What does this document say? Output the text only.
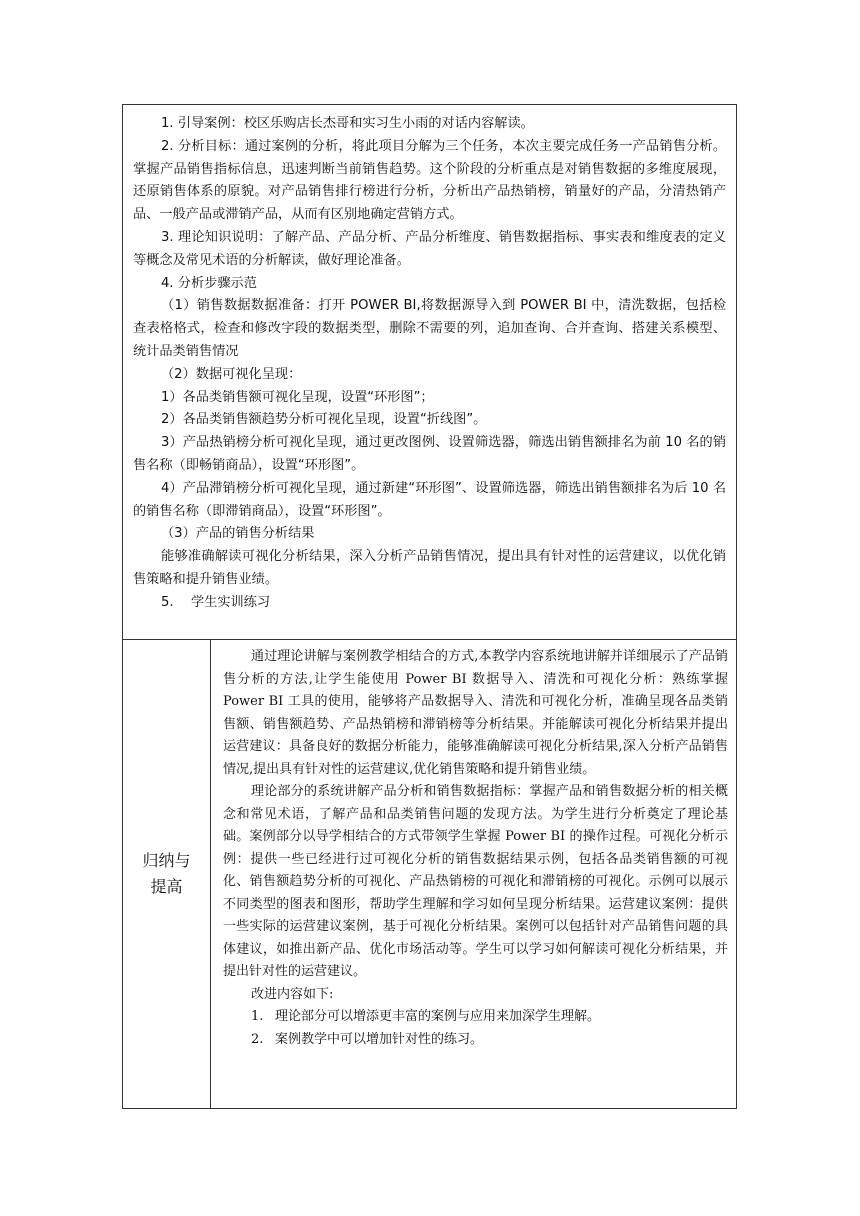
1. 引导案例：校区乐购店长杰哥和实习生小雨的对话内容解读。

2. 分析目标：通过案例的分析，将此项目分解为三个任务，本次主要完成任务一产品销售分析。掌握产品销售指标信息，迅速判断当前销售趋势。这个阶段的分析重点是对销售数据的多维度展现，还原销售体系的原貌。对产品销售排行榜进行分析，分析出产品热销榜，销量好的产品，分清热销产品、一般产品或滞销产品，从而有区别地确定营销方式。

3. 理论知识说明：了解产品、产品分析、产品分析维度、销售数据指标、事实表和维度表的定义等概念及常见术语的分析解读，做好理论准备。

4. 分析步骤示范

（1）销售数据数据准备：打开 POWER BI,将数据源导入到 POWER BI 中，清洗数据，包括检查表格格式，检查和修改字段的数据类型，删除不需要的列，追加查询、合并查询、搭建关系模型、统计品类销售情况

（2）数据可视化呈现：

1）各品类销售额可视化呈现，设置“环形图”；

2）各品类销售额趋势分析可视化呈现，设置“折线图”。

3）产品热销榜分析可视化呈现，通过更改图例、设置筛选器，筛选出销售额排名为前 10 名的销售名称（即畅销商品），设置“环形图”。

4）产品滞销榜分析可视化呈现，通过新建“环形图”、设置筛选器，筛选出销售额排名为后 10 名的销售名称（即滞销商品），设置“环形图”。

（3）产品的销售分析结果

能够准确解读可视化分析结果，深入分析产品销售情况，提出具有针对性的运营建议，以优化销售策略和提升销售业绩。

5.　 学生实训练习

归纳与
提高

通过理论讲解与案例教学相结合的方式,本教学内容系统地讲解并详细展示了产品销售分析的方法,让学生能使用 Power BI 数据导入、清洗和可视化分析：熟练掌握 Power BI 工具的使用，能够将产品数据导入、清洗和可视化分析，准确呈现各品类销售额、销售额趋势、产品热销榜和滞销榜等分析结果。并能解读可视化分析结果并提出运营建议：具备良好的数据分析能力，能够准确解读可视化分析结果,深入分析产品销售情况,提出具有针对性的运营建议,优化销售策略和提升销售业绩。

理论部分的系统讲解产品分析和销售数据指标：掌握产品和销售数据分析的相关概念和常见术语，了解产品和品类销售问题的发现方法。为学生进行分析奠定了理论基础。案例部分以导学相结合的方式带领学生掌握 Power BI 的操作过程。可视化分析示例：提供一些已经进行过可视化分析的销售数据结果示例，包括各品类销售额的可视化、销售额趋势分析的可视化、产品热销榜的可视化和滞销榜的可视化。示例可以展示不同类型的图表和图形，帮助学生理解和学习如何呈现分析结果。运营建议案例：提供一些实际的运营建议案例，基于可视化分析结果。案例可以包括针对产品销售问题的具体建议，如推出新产品、优化市场活动等。学生可以学习如何解读可视化分析结果，并提出针对性的运营建议。

改进内容如下:

1. 理论部分可以增添更丰富的案例与应用来加深学生理解。

2. 案例教学中可以增加针对性的练习。
